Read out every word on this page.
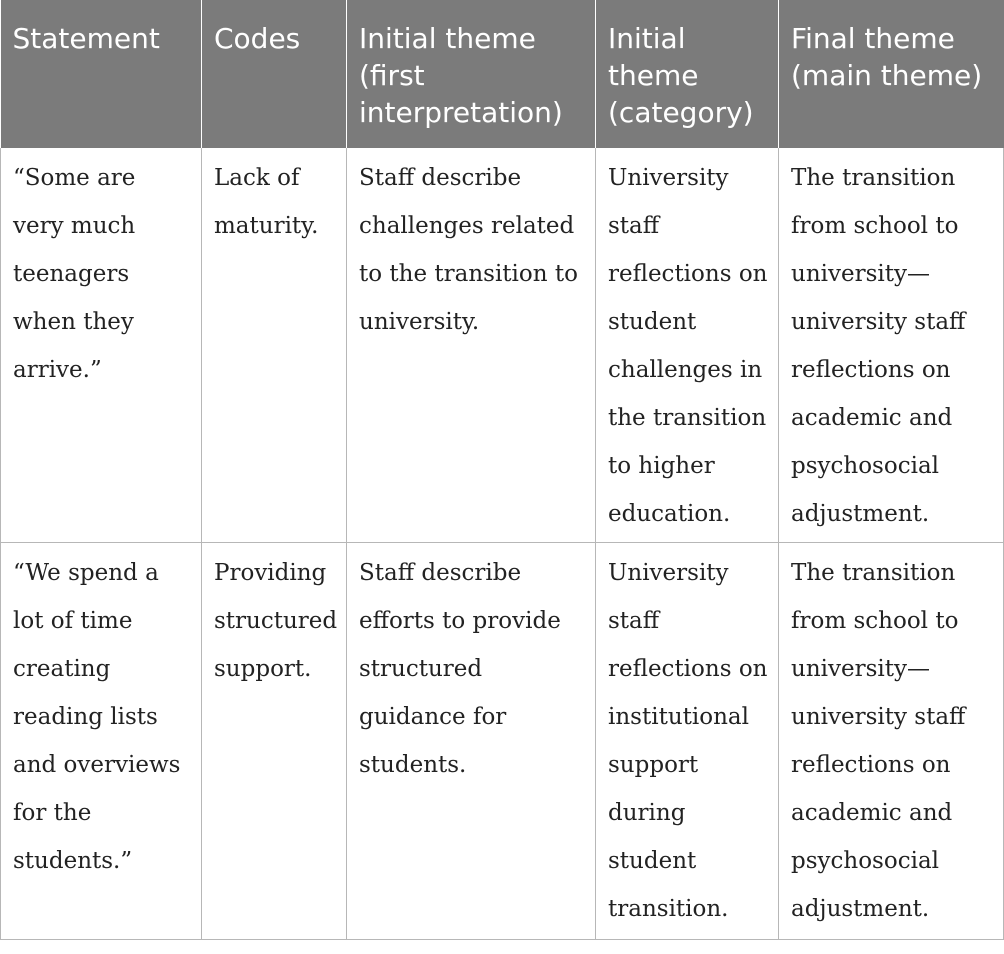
Statement	Codes	Initial theme (first interpretation)	Initial theme (category)	Final theme (main theme)
“Some are very much teenagers when they arrive.”	Lack of maturity.	Staff describe challenges related to the transition to university.	University staff reflections on student challenges in the transition to higher education.	The transition from school to university—university staff reflections on academic and psychosocial adjustment.
“We spend a lot of time creating reading lists and overviews for the students.”	Providing structured support.	Staff describe efforts to provide structured guidance for students.	University staff reflections on institutional support during student transition.	The transition from school to university—university staff reflections on academic and psychosocial adjustment.
